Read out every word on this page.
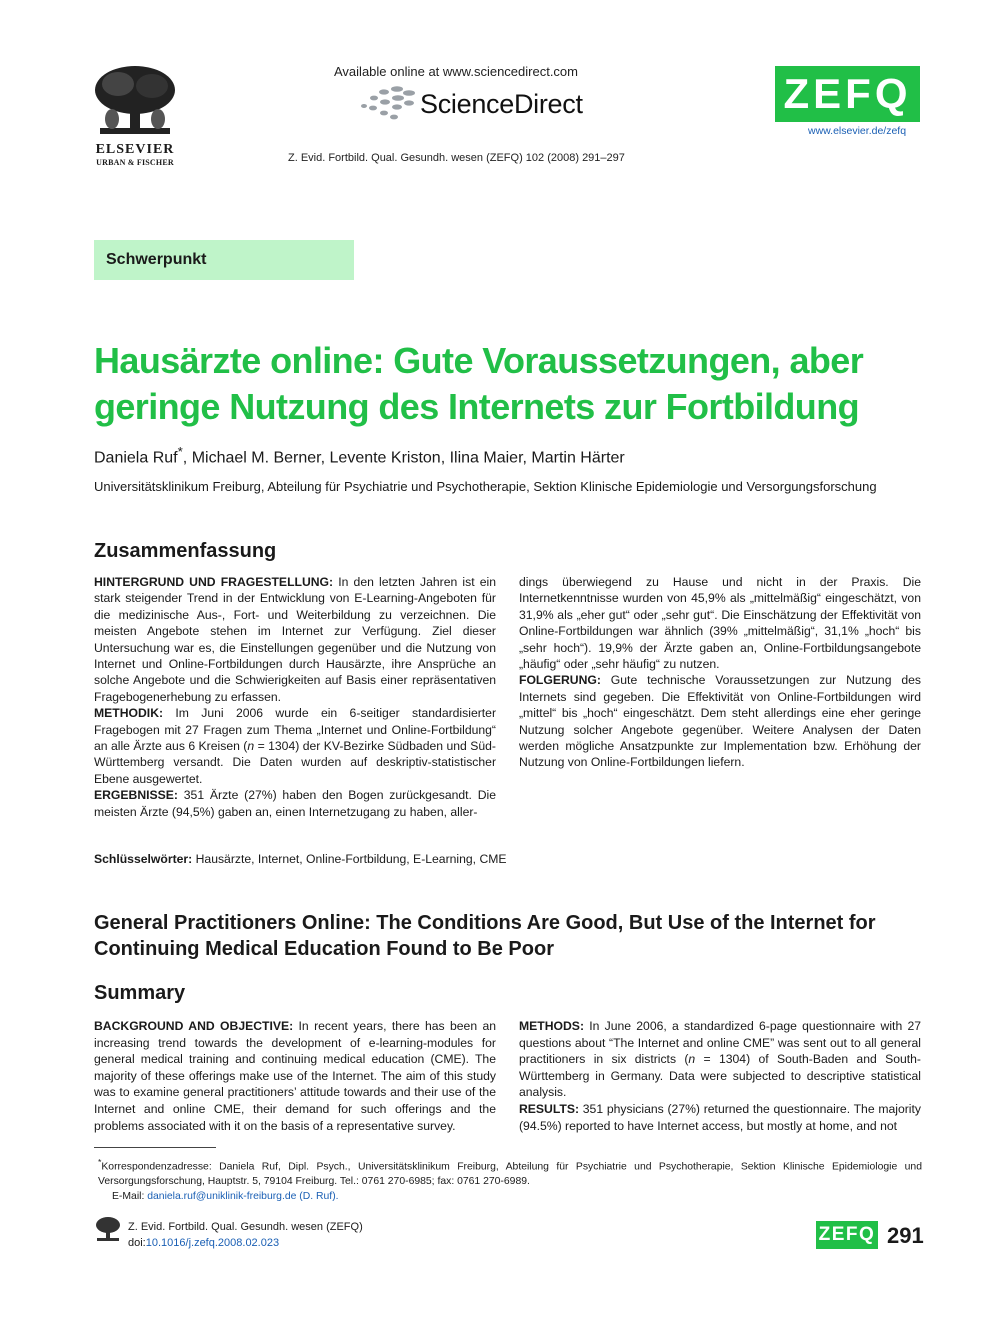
ELSEVIER
URBAN & FISCHER
Available online at www.sciencedirect.com
ScienceDirect
Z. Evid. Fortbild. Qual. Gesundh. wesen (ZEFQ) 102 (2008) 291–297
ZEFQ
www.elsevier.de/zefq
Schwerpunkt
Hausärzte online: Gute Voraussetzungen, aber geringe Nutzung des Internets zur Fortbildung
Daniela Ruf*, Michael M. Berner, Levente Kriston, Ilina Maier, Martin Härter
Universitätsklinikum Freiburg, Abteilung für Psychiatrie und Psychotherapie, Sektion Klinische Epidemiologie und Versorgungsforschung
Zusammenfassung

HINTERGRUND UND FRAGESTELLUNG: In den letzten Jahren ist ein stark steigender Trend in der Entwicklung von E-Learning-Angeboten für die medizinische Aus-, Fort- und Weiterbildung zu verzeichnen. Die meisten Angebote stehen im Internet zur Verfügung. Ziel dieser Untersuchung war es, die Einstellungen gegenüber und die Nutzung von Internet und Online-Fortbildungen durch Hausärzte, ihre Ansprüche an solche Angebote und die Schwierigkeiten auf Basis einer repräsentativen Fragebogenerhebung zu erfassen.

METHODIK: Im Juni 2006 wurde ein 6-seitiger standardisierter Fragebogen mit 27 Fragen zum Thema „Internet und Online-Fortbildung“ an alle Ärzte aus 6 Kreisen (n = 1304) der KV-Bezirke Südbaden und Süd-Württemberg versandt. Die Daten wurden auf deskriptiv-statistischer Ebene ausgewertet.

ERGEBNISSE: 351 Ärzte (27%) haben den Bogen zurückgesandt. Die meisten Ärzte (94,5%) gaben an, einen Internetzugang zu haben, aller-

dings überwiegend zu Hause und nicht in der Praxis. Die Internetkenntnisse wurden von 45,9% als „mittelmäßig“ eingeschätzt, von 31,9% als „eher gut“ oder „sehr gut“. Die Einschätzung der Effektivität von Online-Fortbildungen war ähnlich (39% „mittelmäßig“, 31,1% „hoch“ bis „sehr hoch“). 19,9% der Ärzte gaben an, Online-Fortbildungsangebote „häufig“ oder „sehr häufig“ zu nutzen.

FOLGERUNG: Gute technische Voraussetzungen zur Nutzung des Internets sind gegeben. Die Effektivität von Online-Fortbildungen wird „mittel“ bis „hoch“ eingeschätzt. Dem steht allerdings eine eher geringe Nutzung solcher Angebote gegenüber. Weitere Analysen der Daten werden mögliche Ansatzpunkte zur Implementation bzw. Erhöhung der Nutzung von Online-Fortbildungen liefern.

Schlüsselwörter: Hausärzte, Internet, Online-Fortbildung, E-Learning, CME
General Practitioners Online: The Conditions Are Good, But Use of the Internet for Continuing Medical Education Found to Be Poor
Summary

BACKGROUND AND OBJECTIVE: In recent years, there has been an increasing trend towards the development of e-learning-modules for general medical training and continuing medical education (CME). The majority of these offerings make use of the Internet. The aim of this study was to examine general practitioners’ attitude towards and their use of the Internet and online CME, their demand for such offerings and the problems associated with it on the basis of a representative survey.

METHODS: In June 2006, a standardized 6-page questionnaire with 27 questions about “The Internet and online CME” was sent out to all general practitioners in six districts (n = 1304) of South-Baden and South-Württemberg in Germany. Data were subjected to descriptive statistical analysis.

RESULTS: 351 physicians (27%) returned the questionnaire. The majority (94.5%) reported to have Internet access, but mostly at home, and not

*Korrespondenzadresse: Daniela Ruf, Dipl. Psych., Universitätsklinikum Freiburg, Abteilung für Psychiatrie und Psychotherapie, Sektion Klinische Epidemiologie und Versorgungsforschung, Hauptstr. 5, 79104 Freiburg. Tel.: 0761 270-6985; fax: 0761 270-6989.

E-Mail: daniela.ruf@uniklinik-freiburg.de (D. Ruf).

Z. Evid. Fortbild. Qual. Gesundh. wesen (ZEFQ)
doi:10.1016/j.zefq.2008.02.023	ZEFQ 291
